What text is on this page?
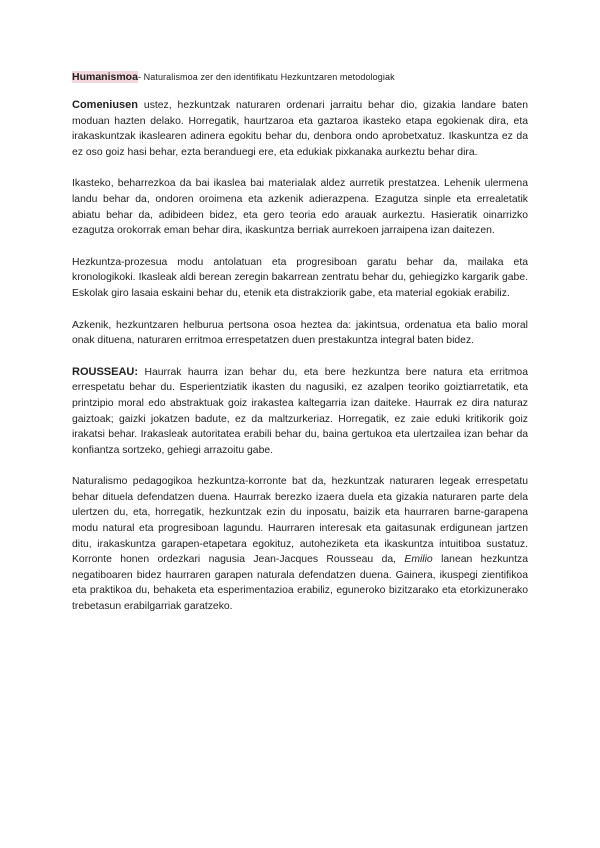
Humanismoa- Naturalismoa zer den identifikatu Hezkuntzaren metodologiak

Comeniusen ustez, hezkuntzak naturaren ordenari jarraitu behar dio, gizakia landare baten moduan hazten delako. Horregatik, haurtzaroa eta gaztaroa ikasteko etapa egokienak dira, eta irakaskuntzak ikaslearen adinera egokitu behar du, denbora ondo aprobetxatuz. Ikaskuntza ez da ez oso goiz hasi behar, ezta beranduegi ere, eta edukiak pixkanaka aurkeztu behar dira.

Ikasteko, beharrezkoa da bai ikaslea bai materialak aldez aurretik prestatzea. Lehenik ulermena landu behar da, ondoren oroimena eta azkenik adierazpena. Ezagutza sinple eta errealetatik abiatu behar da, adibideen bidez, eta gero teoria edo arauak aurkeztu. Hasieratik oinarrizko ezagutza orokorrak eman behar dira, ikaskuntza berriak aurrekoen jarraipena izan daitezen.

Hezkuntza-prozesua modu antolatuan eta progresiboan garatu behar da, mailaka eta kronologikoki. Ikasleak aldi berean zeregin bakarrean zentratu behar du, gehiegizko kargarik gabe. Eskolak giro lasaia eskaini behar du, etenik eta distrakziorik gabe, eta material egokiak erabiliz.

Azkenik, hezkuntzaren helburua pertsona osoa heztea da: jakintsua, ordenatua eta balio moral onak dituena, naturaren erritmoa errespetatzen duen prestakuntza integral baten bidez.

ROUSSEAU: Haurrak haurra izan behar du, eta bere hezkuntza bere natura eta erritmoa errespetatu behar du. Esperientziatik ikasten du nagusiki, ez azalpen teoriko goiztiarretatik, eta printzipio moral edo abstraktuak goiz irakastea kaltegarria izan daiteke. Haurrak ez dira naturaz gaiztoak; gaizki jokatzen badute, ez da maltzurkeriaz. Horregatik, ez zaie eduki kritikorik goiz irakatsi behar. Irakasleak autoritatea erabili behar du, baina gertukoa eta ulertzailea izan behar da konfiantza sortzeko, gehiegi arrazoitu gabe.

Naturalismo pedagogikoa hezkuntza-korronte bat da, hezkuntzak naturaren legeak errespetatu behar dituela defendatzen duena. Haurrak berezko izaera duela eta gizakia naturaren parte dela ulertzen du, eta, horregatik, hezkuntzak ezin du inposatu, baizik eta haurraren barne-garapena modu natural eta progresiboan lagundu. Haurraren interesak eta gaitasunak erdigunean jartzen ditu, irakaskuntza garapen-etapetara egokituz, autoheziketa eta ikaskuntza intuitiboa sustatuz. Korronte honen ordezkari nagusia Jean-Jacques Rousseau da, Emilio lanean hezkuntza negatiboaren bidez haurraren garapen naturala defendatzen duena. Gainera, ikuspegi zientifikoa eta praktikoa du, behaketa eta esperimentazioa erabiliz, eguneroko bizitzarako eta etorkizunerako trebetasun erabilgarriak garatzeko.
